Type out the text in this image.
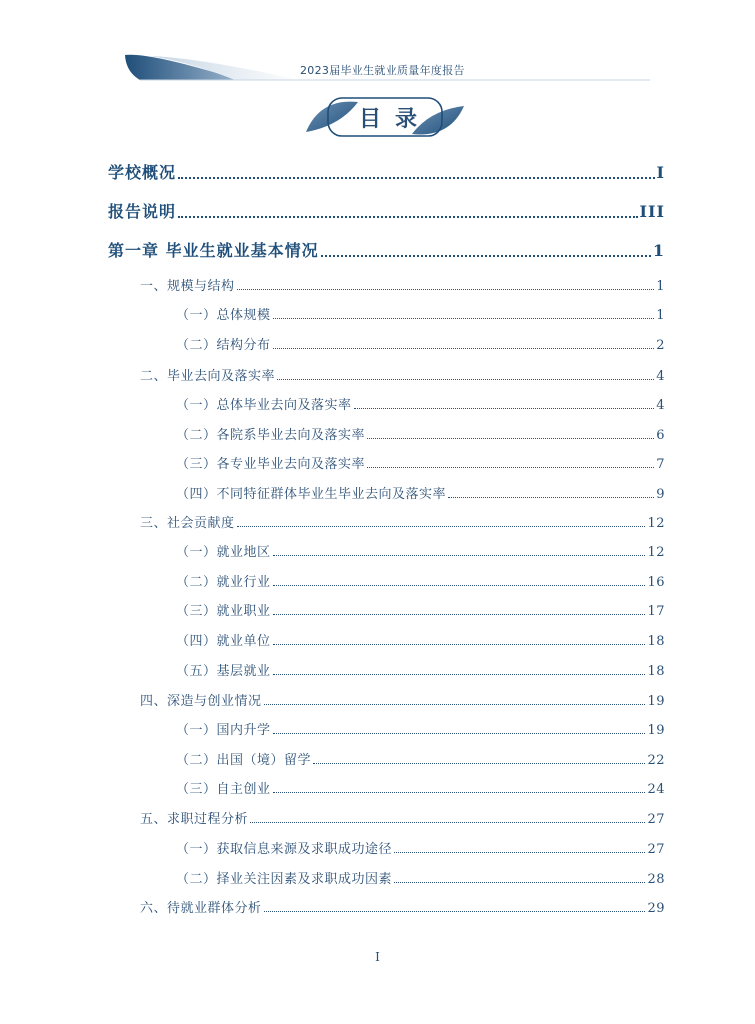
2023届毕业生就业质量年度报告
目录
学校概况	I
报告说明	III
第一章 毕业生就业基本情况	1
一、规模与结构	1
（一）总体规模	1
（二）结构分布	2
二、毕业去向及落实率	4
（一）总体毕业去向及落实率	4
（二）各院系毕业去向及落实率	6
（三）各专业毕业去向及落实率	7
（四）不同特征群体毕业生毕业去向及落实率	9
三、社会贡献度	12
（一）就业地区	12
（二）就业行业	16
（三）就业职业	17
（四）就业单位	18
（五）基层就业	18
四、深造与创业情况	19
（一）国内升学	19
（二）出国（境）留学	22
（三）自主创业	24
五、求职过程分析	27
（一）获取信息来源及求职成功途径	27
（二）择业关注因素及求职成功因素	28
六、待就业群体分析	29
I
